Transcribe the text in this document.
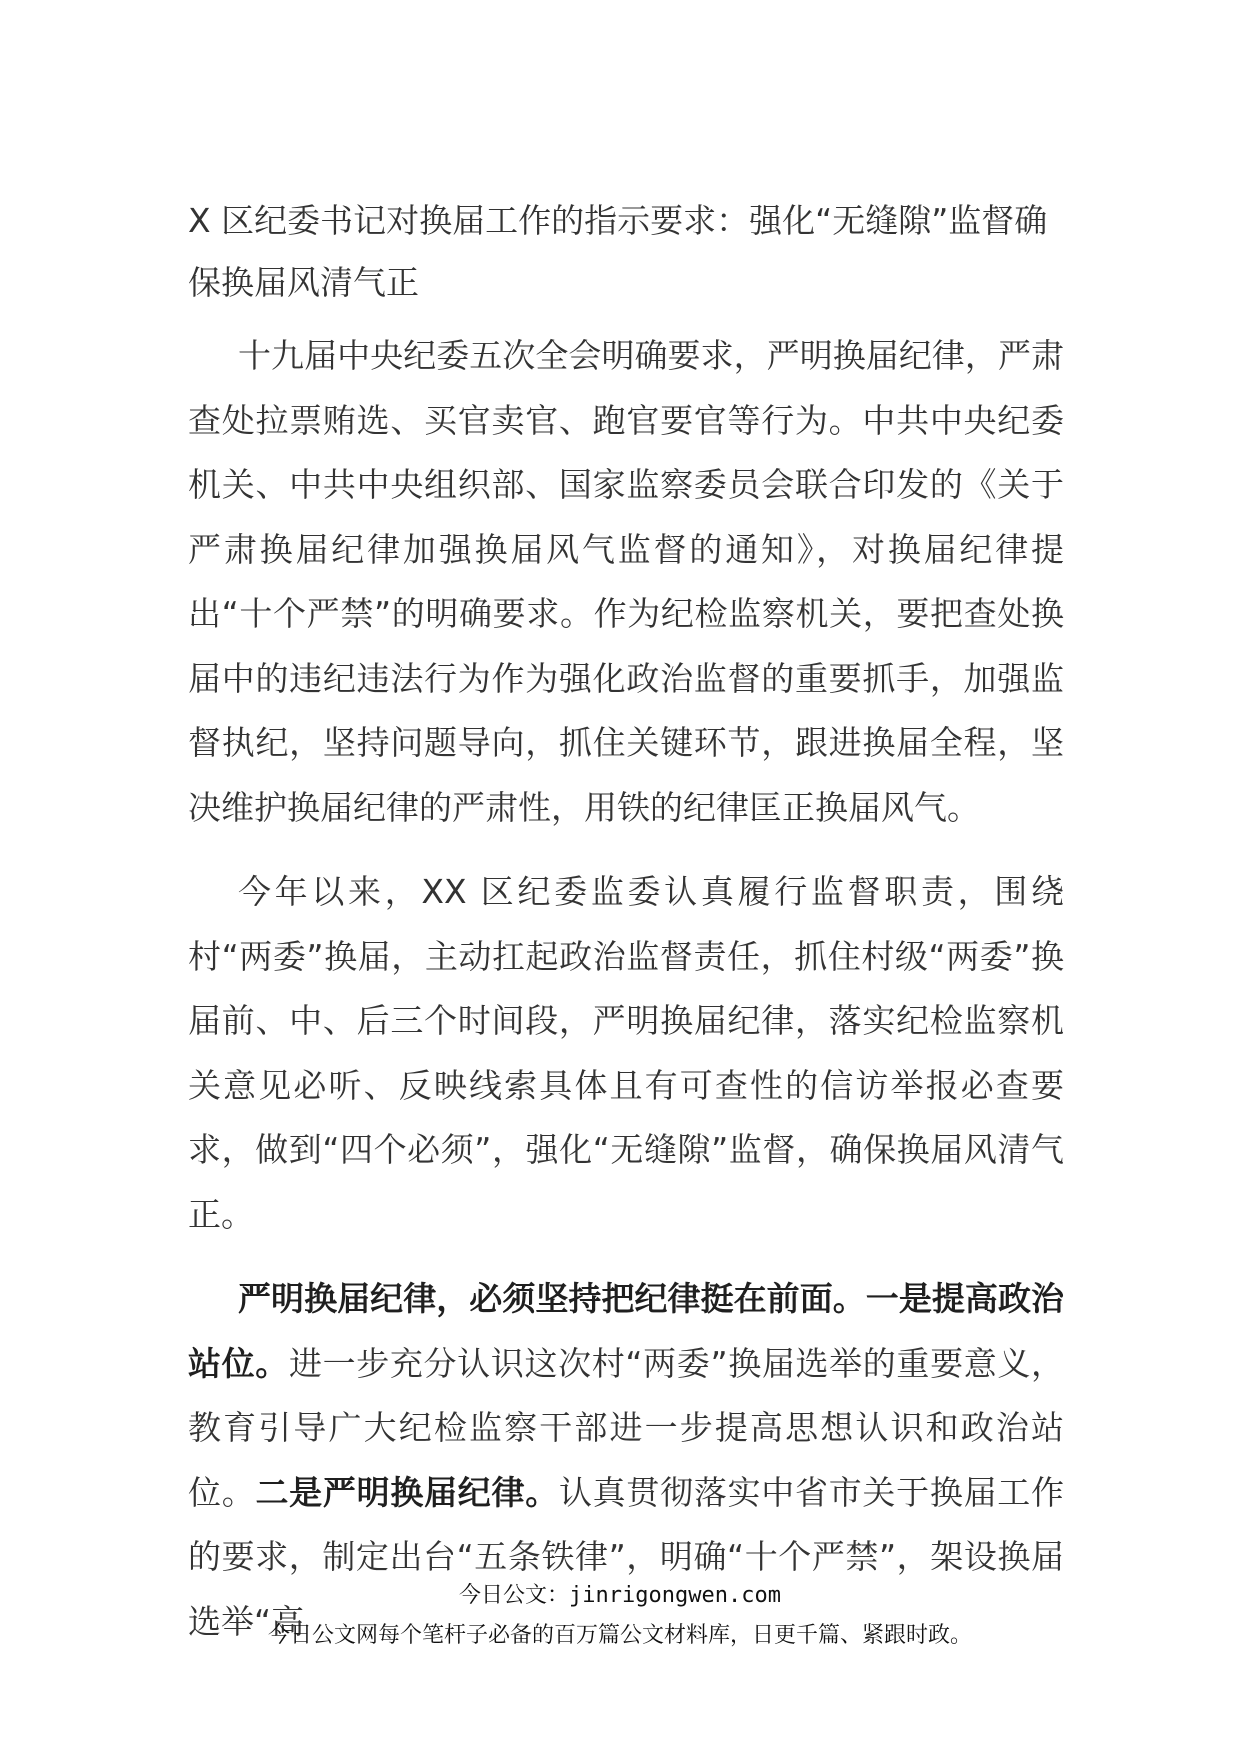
X 区纪委书记对换届工作的指示要求：强化“无缝隙”监督确保换届风清气正

十九届中央纪委五次全会明确要求，严明换届纪律，严肃查处拉票贿选、买官卖官、跑官要官等行为。中共中央纪委机关、中共中央组织部、国家监察委员会联合印发的《关于严肃换届纪律加强换届风气监督的通知》，对换届纪律提出“十个严禁”的明确要求。作为纪检监察机关，要把查处换届中的违纪违法行为作为强化政治监督的重要抓手，加强监督执纪，坚持问题导向，抓住关键环节，跟进换届全程，坚决维护换届纪律的严肃性，用铁的纪律匡正换届风气。

今年以来，XX 区纪委监委认真履行监督职责，围绕村“两委”换届，主动扛起政治监督责任，抓住村级“两委”换届前、中、后三个时间段，严明换届纪律，落实纪检监察机关意见必听、反映线索具体且有可查性的信访举报必查要求，做到“四个必须”，强化“无缝隙”监督，确保换届风清气正。

严明换届纪律，必须坚持把纪律挺在前面。一是提高政治站位。进一步充分认识这次村“两委”换届选举的重要意义，教育引导广大纪检监察干部进一步提高思想认识和政治站位。二是严明换届纪律。认真贯彻落实中省市关于换届工作的要求，制定出台“五条铁律”，明确“十个严禁”，架设换届选举“高

今日公文：jinrigongwen.com
今日公文网每个笔杆子必备的百万篇公文材料库，日更千篇、紧跟时政。
